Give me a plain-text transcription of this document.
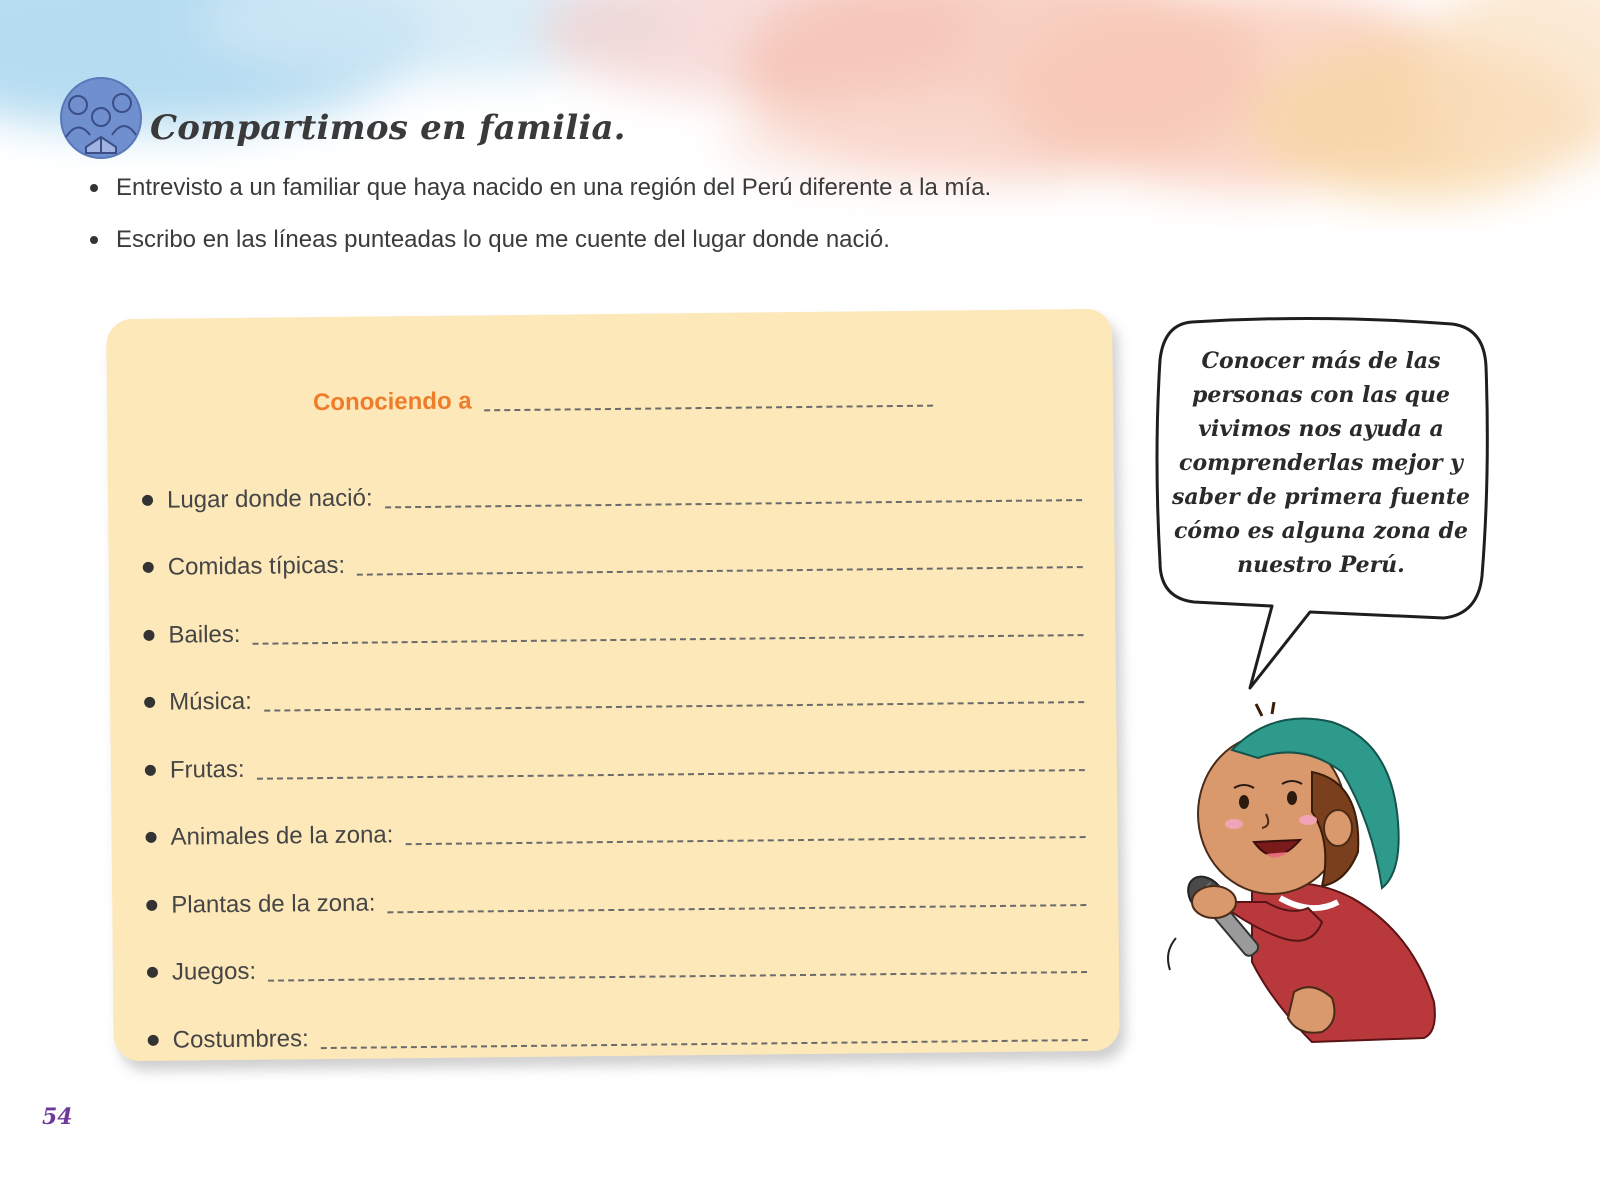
Compartimos en familia.
Entrevisto a un familiar que haya nacido en una región del Perú diferente a la mía.
Escribo en las líneas punteadas lo que me cuente del lugar donde nació.
Conociendo a
Lugar donde nació:
Comidas típicas:
Bailes:
Música:
Frutas:
Animales de la zona:
Plantas de la zona:
Juegos:
Costumbres:

Conocer más de las personas con las que vivimos nos ayuda a comprenderlas mejor y saber de primera fuente cómo es alguna zona de nuestro Perú.

54
